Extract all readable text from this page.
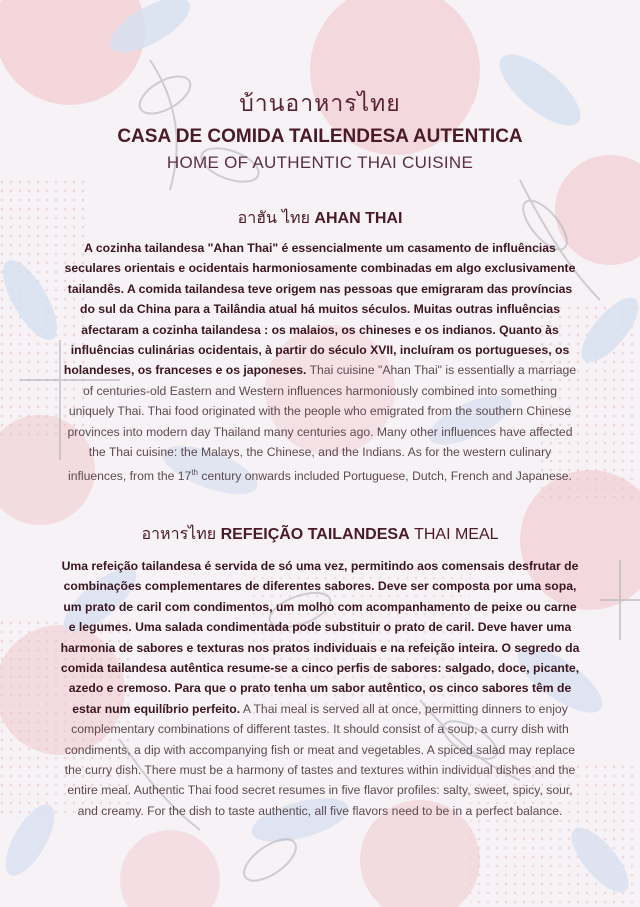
บ้านอาหารไทย
CASA DE COMIDA TAILENDESA AUTENTICA
HOME OF AUTHENTIC THAI CUISINE
อาฮัน ไทย AHAN THAI
A cozinha tailandesa "Ahan Thai" é essencialmente um casamento de influências seculares orientais e ocidentais harmoniosamente combinadas em algo exclusivamente tailandês. A comida tailandesa teve origem nas pessoas que emigraram das províncias do sul da China para a Tailândia atual há muitos séculos. Muitas outras influências afectaram a cozinha tailandesa : os malaios, os chineses e os indianos. Quanto às influências culinárias ocidentais, à partir do século XVII, incluíram os portugueses, os holandeses, os franceses e os japoneses. Thai cuisine "Ahan Thai" is essentially a marriage of centuries-old Eastern and Western influences harmoniously combined into something uniquely Thai. Thai food originated with the people who emigrated from the southern Chinese provinces into modern day Thailand many centuries ago. Many other influences have affected the Thai cuisine: the Malays, the Chinese, and the Indians. As for the western culinary influences, from the 17th century onwards included Portuguese, Dutch, French and Japanese.
อาหารไทย REFEIÇÃO TAILANDESA THAI MEAL
Uma refeição tailandesa é servida de só uma vez, permitindo aos comensais desfrutar de combinações complementares de diferentes sabores. Deve ser composta por uma sopa, um prato de caril com condimentos, um molho com acompanhamento de peixe ou carne e legumes. Uma salada condimentada pode substituir o prato de caril. Deve haver uma harmonia de sabores e texturas nos pratos individuais e na refeição inteira. O segredo da comida tailandesa autêntica resume-se a cinco perfis de sabores: salgado, doce, picante, azedo e cremoso. Para que o prato tenha um sabor autêntico, os cinco sabores têm de estar num equilíbrio perfeito. A Thai meal is served all at once, permitting dinners to enjoy complementary combinations of different tastes. It should consist of a soup, a curry dish with condiments, a dip with accompanying fish or meat and vegetables. A spiced salad may replace the curry dish. There must be a harmony of tastes and textures within individual dishes and the entire meal. Authentic Thai food secret resumes in five flavor profiles: salty, sweet, spicy, sour, and creamy. For the dish to taste authentic, all five flavors need to be in a perfect balance.
